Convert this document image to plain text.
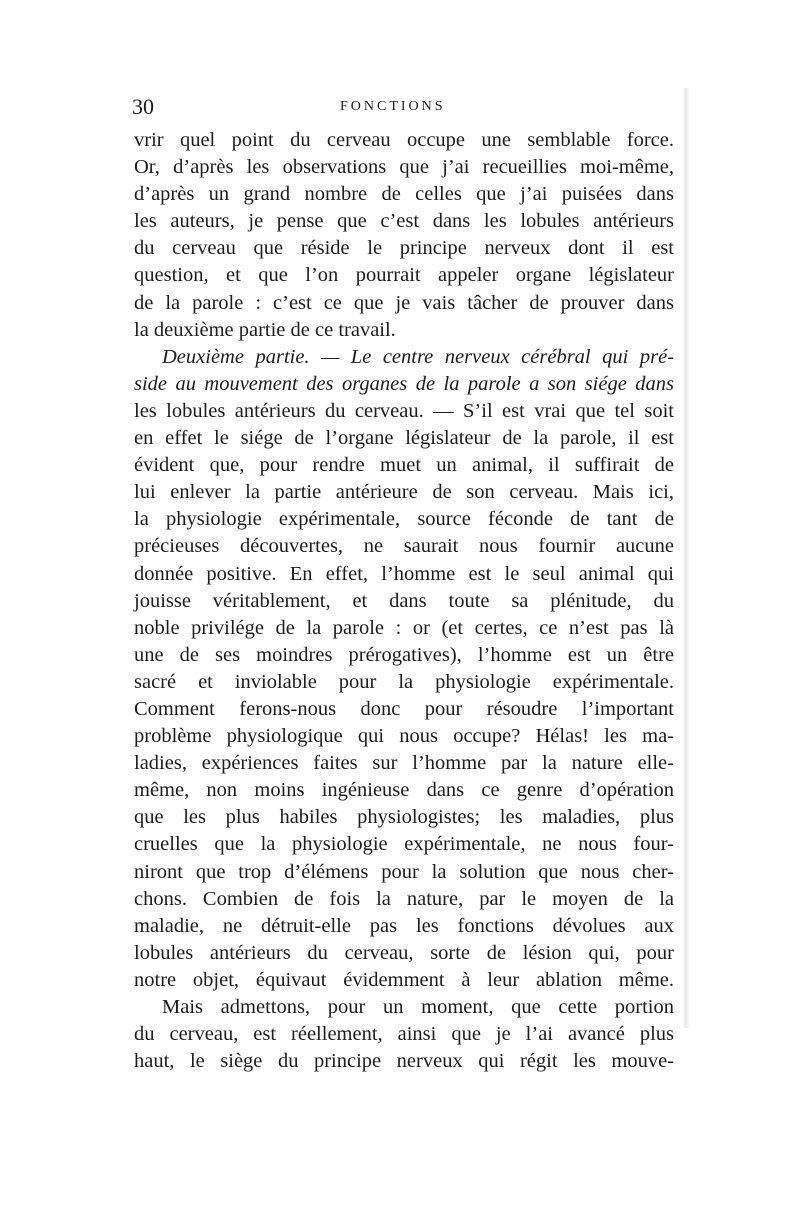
30	FONCTIONS
vrir quel point du cerveau occupe une semblable force.
Or, d’après les observations que j’ai recueillies moi-même,
d’après un grand nombre de celles que j’ai puisées dans
les auteurs, je pense que c’est dans les lobules antérieurs
du cerveau que réside le principe nerveux dont il est
question, et que l’on pourrait appeler organe législateur
de la parole : c’est ce que je vais tâcher de prouver dans
la deuxième partie de ce travail.
Deuxième partie. — Le centre nerveux cérébral qui pré-
side au mouvement des organes de la parole a son siége dans
les lobules antérieurs du cerveau. — S’il est vrai que tel soit
en effet le siége de l’organe législateur de la parole, il est
évident que, pour rendre muet un animal, il suffirait de
lui enlever la partie antérieure de son cerveau. Mais ici,
la physiologie expérimentale, source féconde de tant de
précieuses découvertes, ne saurait nous fournir aucune
donnée positive. En effet, l’homme est le seul animal qui
jouisse véritablement, et dans toute sa plénitude, du
noble privilége de la parole : or (et certes, ce n’est pas là
une de ses moindres prérogatives), l’homme est un être
sacré et inviolable pour la physiologie expérimentale.
Comment ferons-nous donc pour résoudre l’important
problème physiologique qui nous occupe? Hélas! les ma-
ladies, expériences faites sur l’homme par la nature elle-
même, non moins ingénieuse dans ce genre d’opération
que les plus habiles physiologistes; les maladies, plus
cruelles que la physiologie expérimentale, ne nous four-
niront que trop d’élémens pour la solution que nous cher-
chons. Combien de fois la nature, par le moyen de la
maladie, ne détruit-elle pas les fonctions dévolues aux
lobules antérieurs du cerveau, sorte de lésion qui, pour
notre objet, équivaut évidemment à leur ablation même.
Mais admettons, pour un moment, que cette portion
du cerveau, est réellement, ainsi que je l’ai avancé plus
haut, le siège du principe nerveux qui régit les mouve-
